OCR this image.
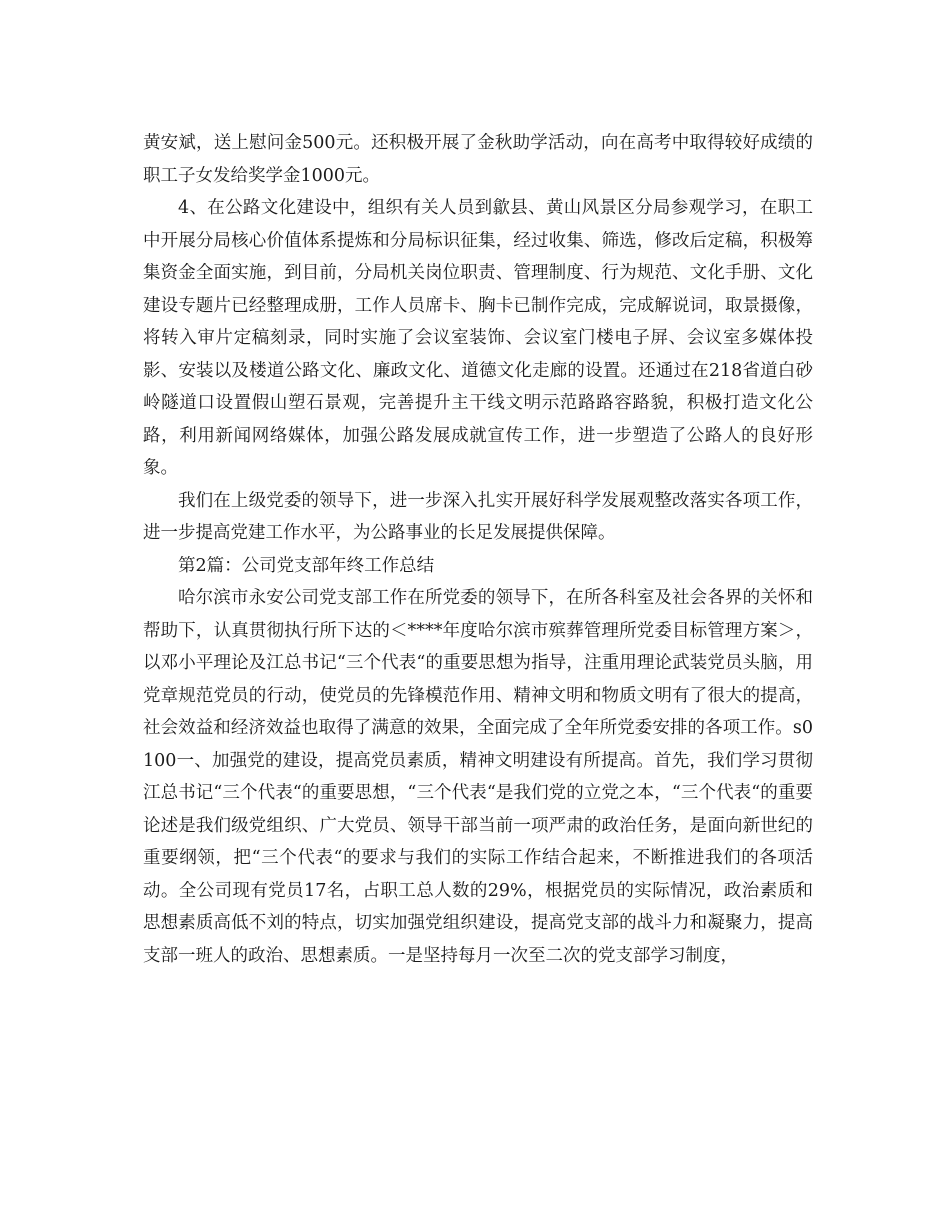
黄安斌，送上慰问金500元。还积极开展了金秋助学活动，向在高考中取得较好成绩的职工子女发给奖学金1000元。

4、在公路文化建设中，组织有关人员到歙县、黄山风景区分局参观学习，在职工中开展分局核心价值体系提炼和分局标识征集，经过收集、筛选，修改后定稿，积极筹集资金全面实施，到目前，分局机关岗位职责、管理制度、行为规范、文化手册、文化建设专题片已经整理成册，工作人员席卡、胸卡已制作完成，完成解说词，取景摄像，将转入审片定稿刻录，同时实施了会议室装饰、会议室门楼电子屏、会议室多媒体投影、安装以及楼道公路文化、廉政文化、道德文化走廊的设置。还通过在218省道白砂岭隧道口设置假山塑石景观，完善提升主干线文明示范路路容路貌，积极打造文化公路，利用新闻网络媒体，加强公路发展成就宣传工作，进一步塑造了公路人的良好形象。

我们在上级党委的领导下，进一步深入扎实开展好科学发展观整改落实各项工作，进一步提高党建工作水平，为公路事业的长足发展提供保障。

第2篇：公司党支部年终工作总结

哈尔滨市永安公司党支部工作在所党委的领导下，在所各科室及社会各界的关怀和帮助下，认真贯彻执行所下达的＜****年度哈尔滨市殡葬管理所党委目标管理方案＞，以邓小平理论及江总书记“三个代表“的重要思想为指导，注重用理论武装党员头脑，用党章规范党员的行动，使党员的先锋模范作用、精神文明和物质文明有了很大的提高，社会效益和经济效益也取得了满意的效果，全面完成了全年所党委安排的各项工作。s0100一、加强党的建设，提高党员素质，精神文明建设有所提高。首先，我们学习贯彻江总书记“三个代表“的重要思想，“三个代表“是我们党的立党之本，“三个代表“的重要论述是我们级党组织、广大党员、领导干部当前一项严肃的政治任务，是面向新世纪的重要纲领，把“三个代表“的要求与我们的实际工作结合起来，不断推进我们的各项活动。全公司现有党员17名，占职工总人数的29%，根据党员的实际情况，政治素质和思想素质高低不刘的特点，切实加强党组织建设，提高党支部的战斗力和凝聚力，提高支部一班人的政治、思想素质。一是坚持每月一次至二次的党支部学习制度，
